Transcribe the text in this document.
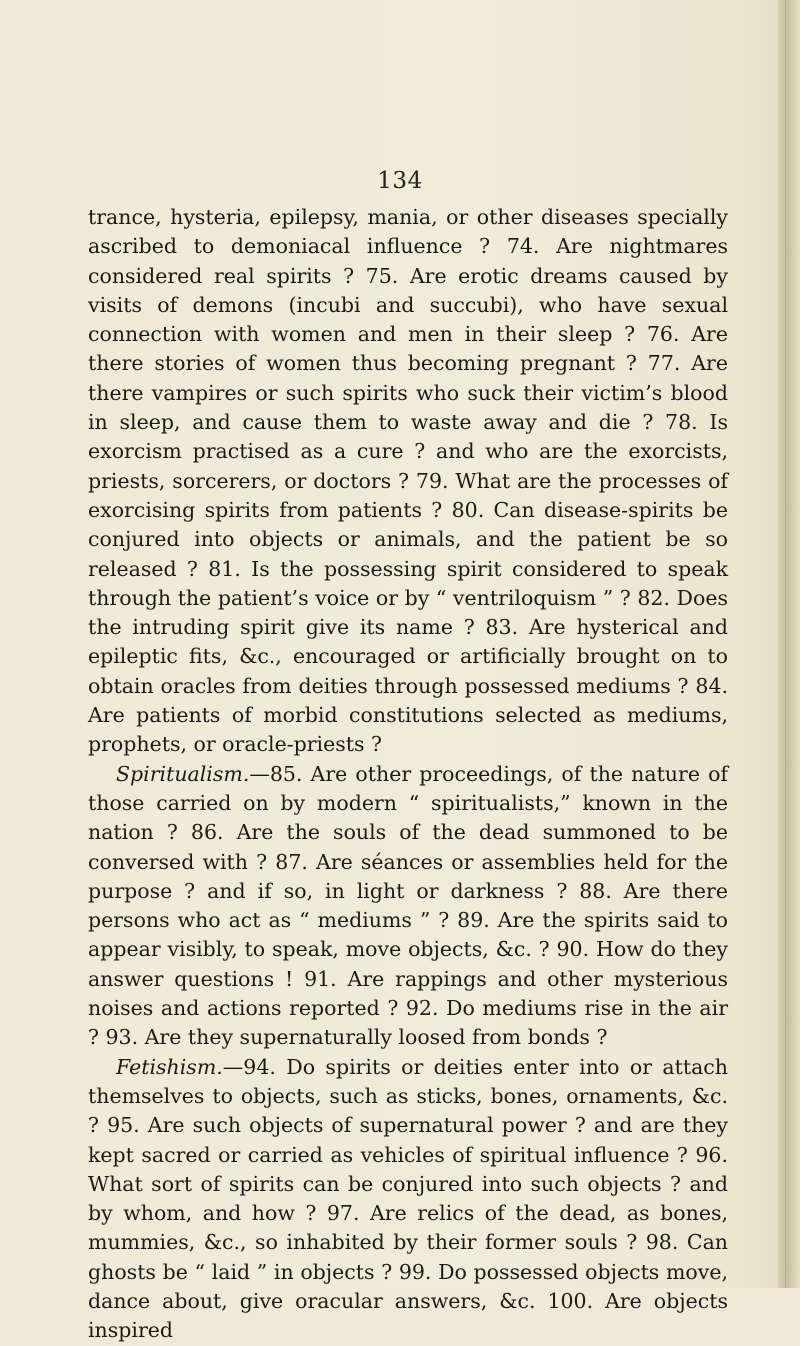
134

trance, hysteria, epilepsy, mania, or other diseases specially ascribed to demoniacal influence ? 74. Are nightmares considered real spirits ? 75. Are erotic dreams caused by visits of demons (incubi and succubi), who have sexual connection with women and men in their sleep ? 76. Are there stories of women thus becoming pregnant ? 77. Are there vampires or such spirits who suck their victim’s blood in sleep, and cause them to waste away and die ? 78. Is exorcism practised as a cure ? and who are the exorcists, priests, sorcerers, or doctors ? 79. What are the processes of exorcising spirits from patients ? 80. Can disease-spirits be conjured into objects or animals, and the patient be so released ? 81. Is the possessing spirit considered to speak through the patient’s voice or by “ ventriloquism ” ? 82. Does the intruding spirit give its name ? 83. Are hysterical and epileptic fits, &c., encouraged or artificially brought on to obtain oracles from deities through possessed mediums ? 84. Are patients of morbid constitutions selected as mediums, prophets, or oracle-priests ?

Spiritualism.—85. Are other proceedings, of the nature of those carried on by modern “ spiritualists,” known in the nation ? 86. Are the souls of the dead summoned to be conversed with ? 87. Are séances or assemblies held for the purpose ? and if so, in light or darkness ? 88. Are there persons who act as “ mediums ” ? 89. Are the spirits said to appear visibly, to speak, move objects, &c. ? 90. How do they answer questions ! 91. Are rappings and other mysterious noises and actions reported ? 92. Do mediums rise in the air ? 93. Are they supernaturally loosed from bonds ?

Fetishism.—94. Do spirits or deities enter into or attach themselves to objects, such as sticks, bones, ornaments, &c. ? 95. Are such objects of supernatural power ? and are they kept sacred or carried as vehicles of spiritual influence ? 96. What sort of spirits can be conjured into such objects ? and by whom, and how ? 97. Are relics of the dead, as bones, mummies, &c., so inhabited by their former souls ? 98. Can ghosts be “ laid ” in objects ? 99. Do possessed objects move, dance about, give oracular answers, &c. 100. Are objects inspired
